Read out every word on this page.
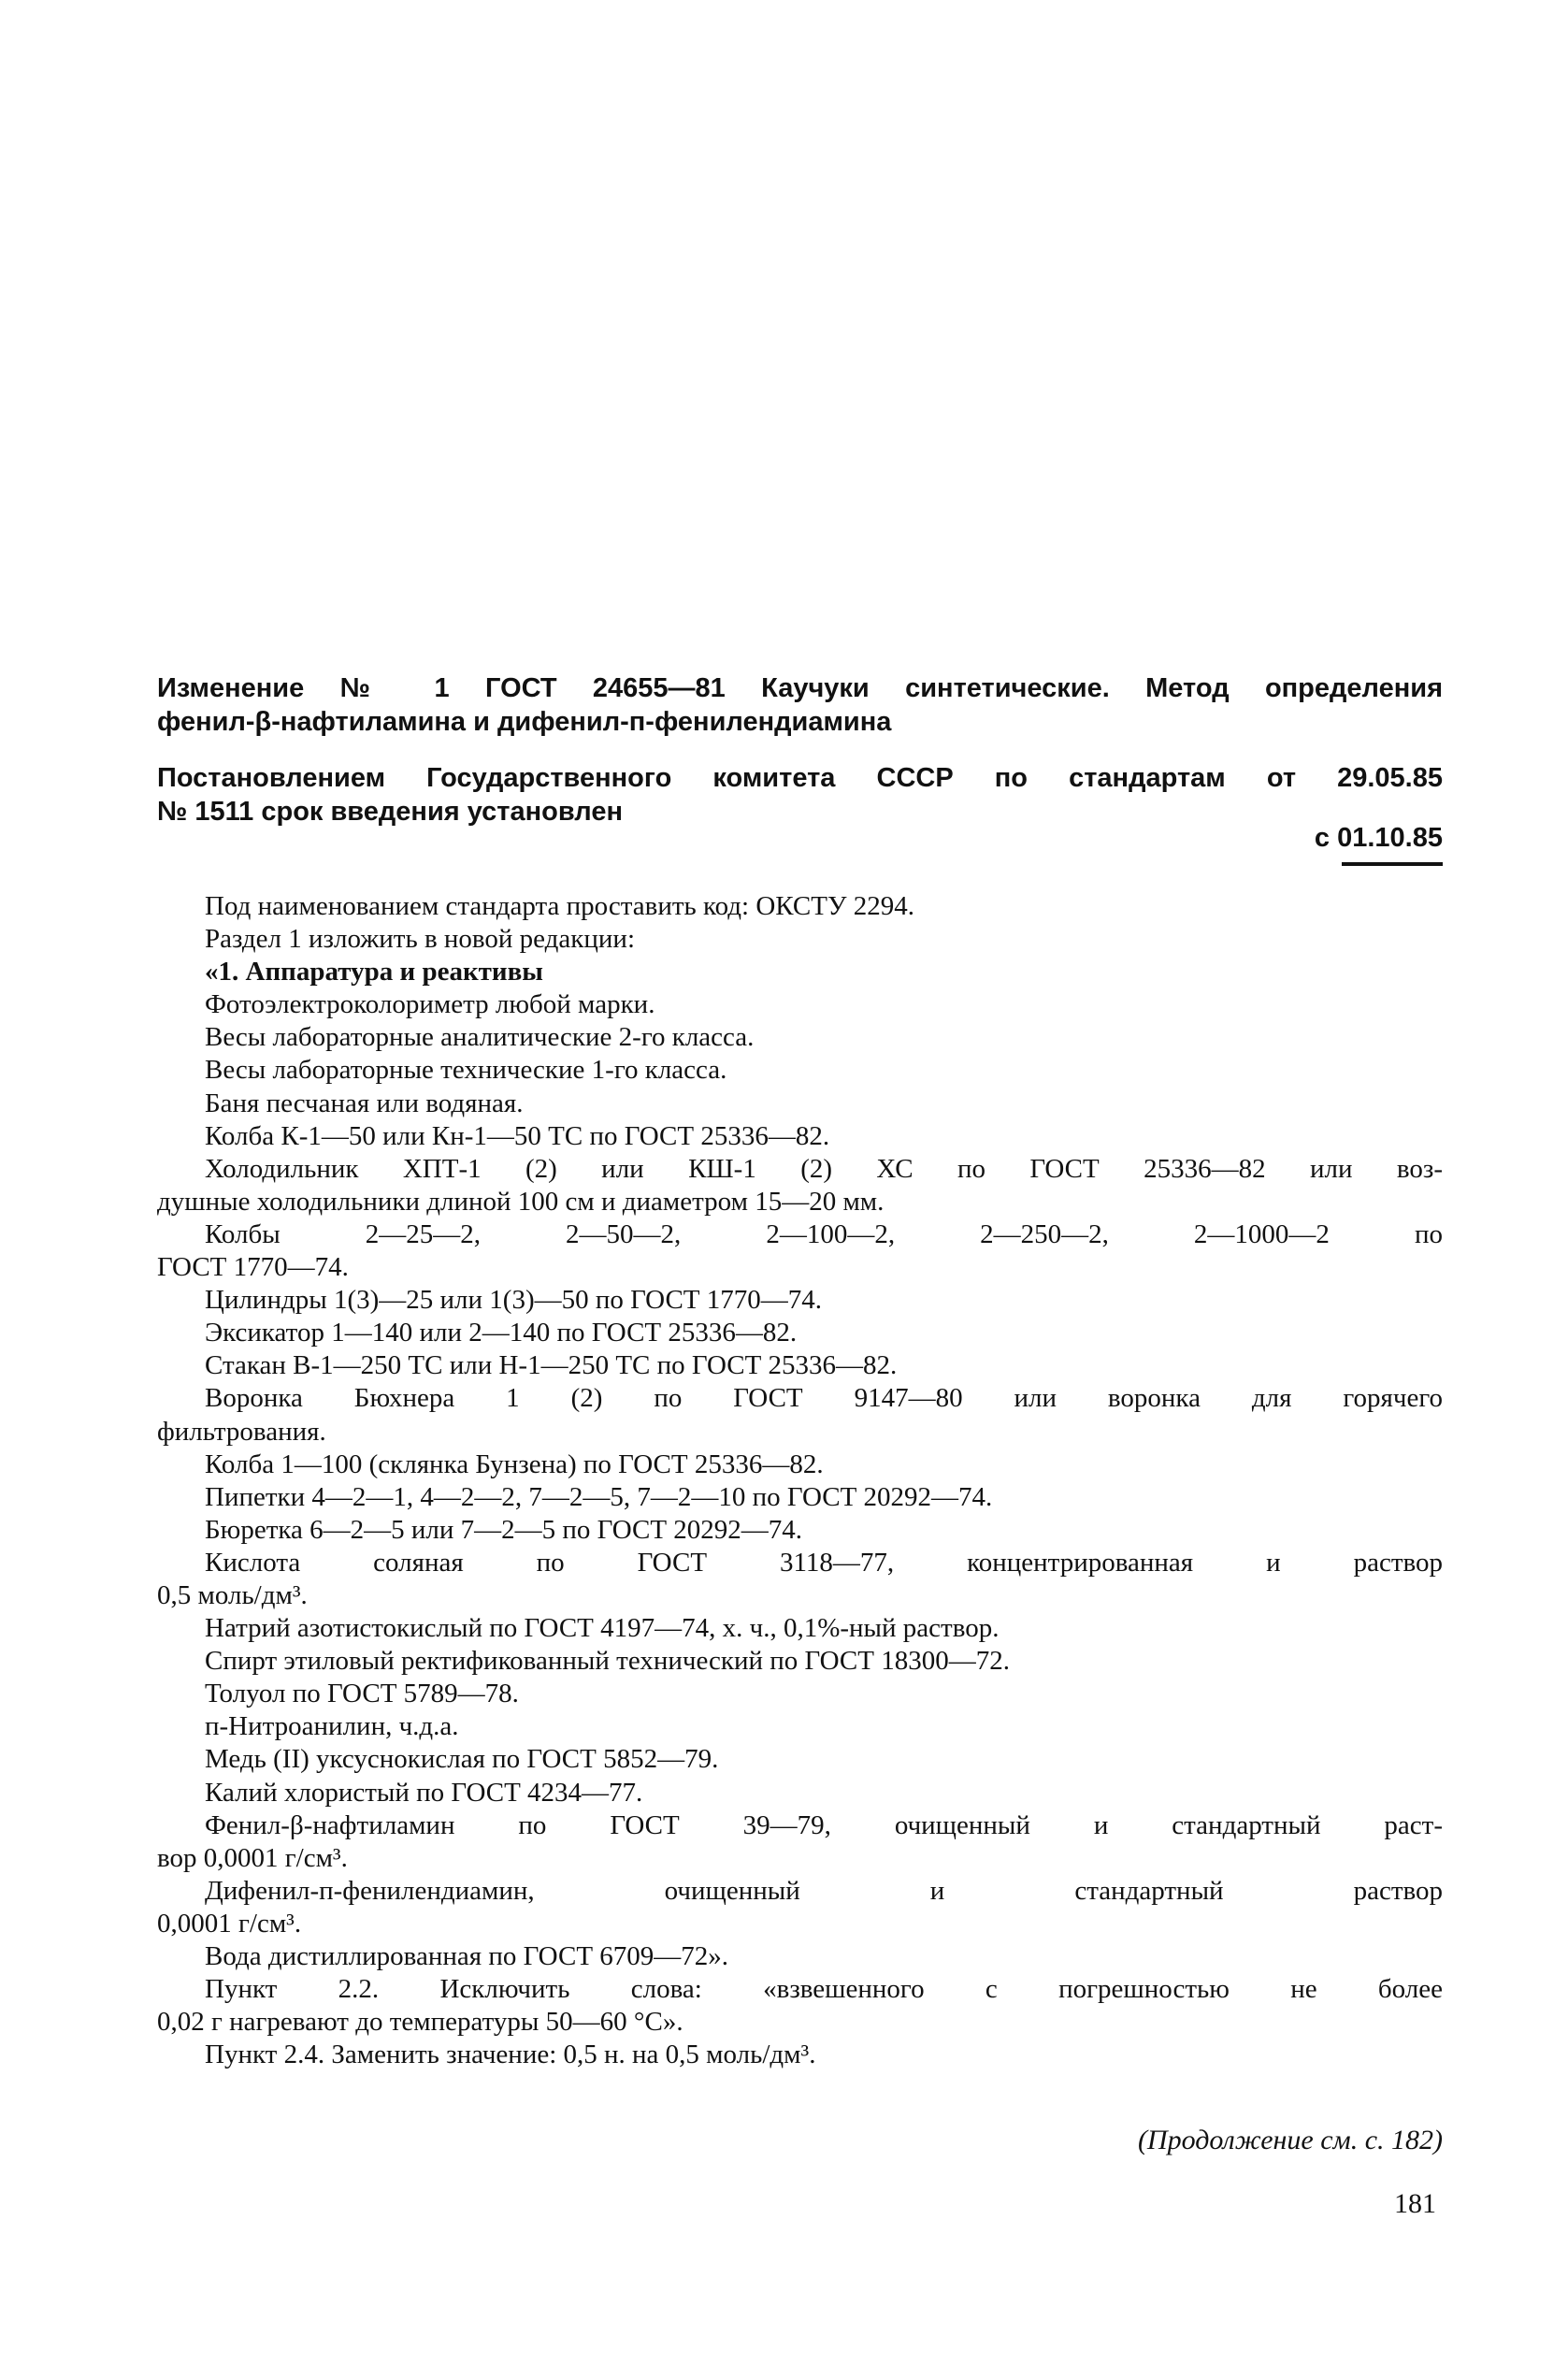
Изменение № 1 ГОСТ 24655—81 Каучуки синтетические. Метод определения
фенил-β-нафтиламина и дифенил-п-фенилендиамина
Постановлением Государственного комитета СССР по стандартам от 29.05.85
№ 1511 срок введения установлен
с 01.10.85
Под наименованием стандарта проставить код: ОКСТУ 2294.
Раздел 1 изложить в новой редакции:
«1. Аппаратура и реактивы
Фотоэлектроколориметр любой марки.
Весы лабораторные аналитические 2-го класса.
Весы лабораторные технические 1-го класса.
Баня песчаная или водяная.
Колба К-1—50 или Кн-1—50 ТС по ГОСТ 25336—82.
Холодильник ХПТ-1 (2) или КШ-1 (2) ХС по ГОСТ 25336—82 или воз-
душные холодильники длиной 100 см и диаметром 15—20 мм.
Колбы 2—25—2, 2—50—2, 2—100—2, 2—250—2, 2—1000—2 по
ГОСТ 1770—74.
Цилиндры 1(3)—25 или 1(3)—50 по ГОСТ 1770—74.
Эксикатор 1—140 или 2—140 по ГОСТ 25336—82.
Стакан В-1—250 ТС или Н-1—250 ТС по ГОСТ 25336—82.
Воронка Бюхнера 1 (2) по ГОСТ 9147—80 или воронка для горячего
фильтрования.
Колба 1—100 (склянка Бунзена) по ГОСТ 25336—82.
Пипетки 4—2—1, 4—2—2, 7—2—5, 7—2—10 по ГОСТ 20292—74.
Бюретка 6—2—5 или 7—2—5 по ГОСТ 20292—74.
Кислота соляная по ГОСТ 3118—77, концентрированная и раствор
0,5 моль/дм³.
Натрий азотистокислый по ГОСТ 4197—74, х. ч., 0,1%-ный раствор.
Спирт этиловый ректификованный технический по ГОСТ 18300—72.
Толуол по ГОСТ 5789—78.
п-Нитроанилин, ч.д.а.
Медь (II) уксуснокислая по ГОСТ 5852—79.
Калий хлористый по ГОСТ 4234—77.
Фенил-β-нафтиламин по ГОСТ 39—79, очищенный и стандартный раст-
вор 0,0001 г/см³.
Дифенил-п-фенилендиамин, очищенный и стандартный раствор
0,0001 г/см³.
Вода дистиллированная по ГОСТ 6709—72».
Пункт 2.2. Исключить слова: «взвешенного с погрешностью не более
0,02 г нагревают до температуры 50—60 °С».
Пункт 2.4. Заменить значение: 0,5 н. на 0,5 моль/дм³.
(Продолжение см. с. 182)
181
